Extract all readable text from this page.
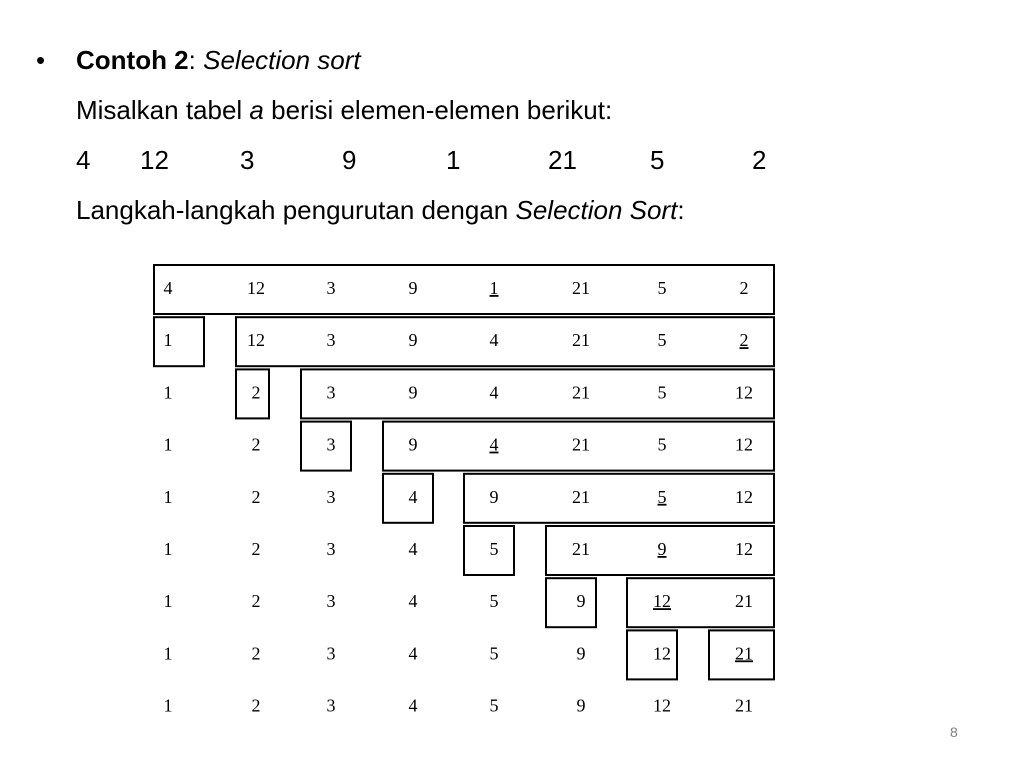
• Contoh 2: Selection sort
Misalkan tabel a berisi elemen-elemen berikut:
4 12	3	9	1	21	5	2
Langkah-langkah pengurutan dengan Selection Sort:
4	12	3	9	1	21	5	2
1	12	3	9	4	21	5	2
1	2	3	9	4	21	5	12
1	2	3	9	4	21	5	12
1	2	3	4	9	21	5	12
1	2	3	4	5	21	9	12
1	2	3	4	5	9	12	21
1	2	3	4	5	9	12	21
1	2	3	4	5	9	12	21
8
